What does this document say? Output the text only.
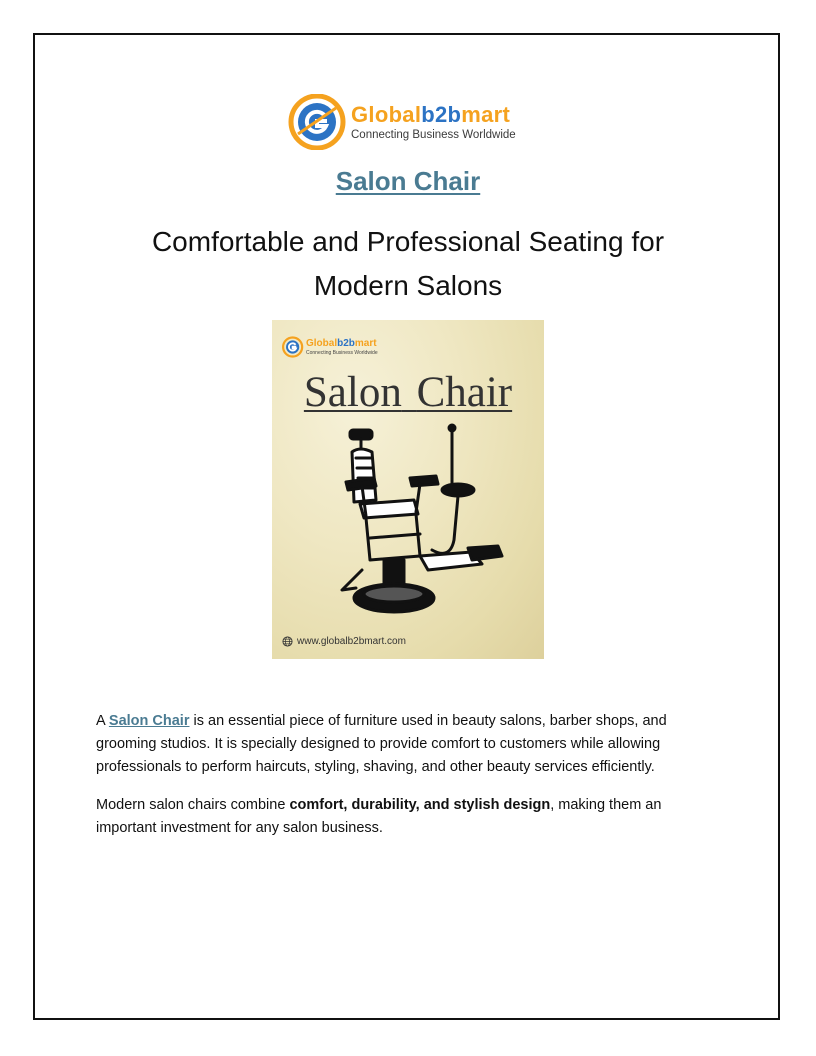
Globalb2bmart
Connecting Business Worldwide
Salon Chair
Comfortable and Professional Seating for Modern Salons
Globalb2bmart
Connecting Business Worldwide
Salon Chair
www.globalb2bmart.com
A Salon Chair is an essential piece of furniture used in beauty salons, barber shops, and grooming studios. It is specially designed to provide comfort to customers while allowing professionals to perform haircuts, styling, shaving, and other beauty services efficiently.
Modern salon chairs combine comfort, durability, and stylish design, making them an important investment for any salon business.
